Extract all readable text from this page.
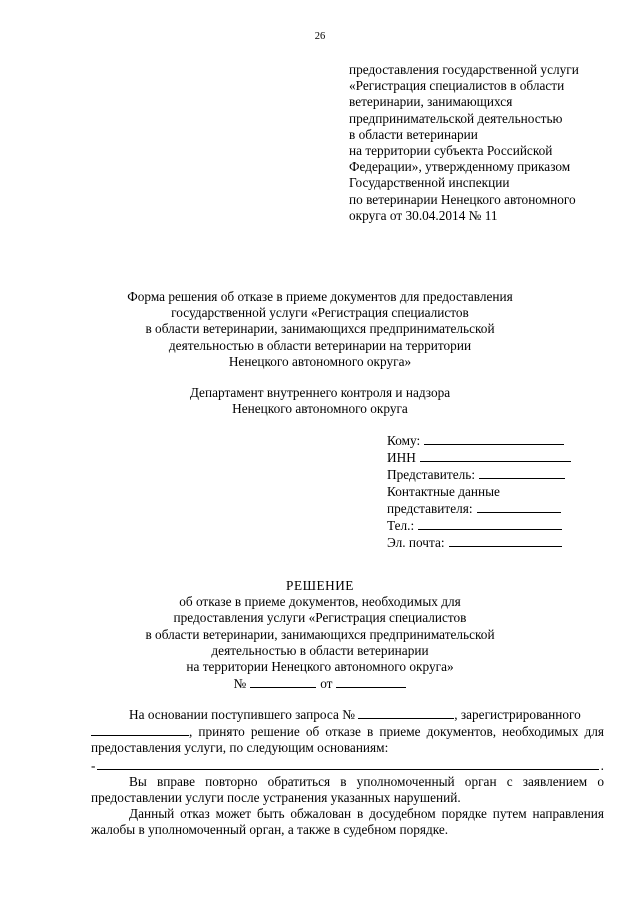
26
предоставления государственной услуги
«Регистрация специалистов в области
ветеринарии, занимающихся
предпринимательской деятельностью
в области ветеринарии
на территории субъекта Российской
Федерации», утвержденному приказом
Государственной инспекции
по ветеринарии Ненецкого автономного
округа от 30.04.2014 № 11
Форма решения об отказе в приеме документов для предоставления
государственной услуги «Регистрация специалистов
в области ветеринарии, занимающихся предпринимательской
деятельностью в области ветеринарии на территории
Ненецкого автономного округа»
Департамент внутреннего контроля и надзора
Ненецкого автономного округа
Кому:
ИНН
Представитель:
Контактные данные
представителя:
Тел.:
Эл. почта:
РЕШЕНИЕ
об отказе в приеме документов, необходимых для
предоставления услуги «Регистрация специалистов
в области ветеринарии, занимающихся предпринимательской
деятельностью в области ветеринарии
на территории Ненецкого автономного округа»
№	от

На основании поступившего запроса №	, зарегистрированного
, принято решение об отказе в приеме документов, необходимых для предоставления услуги, по следующим основаниям:

-	.

Вы вправе повторно обратиться в уполномоченный орган с заявлением о предоставлении услуги после устранения указанных нарушений.

Данный отказ может быть обжалован в досудебном порядке путем направления жалобы в уполномоченный орган, а также в судебном порядке.
